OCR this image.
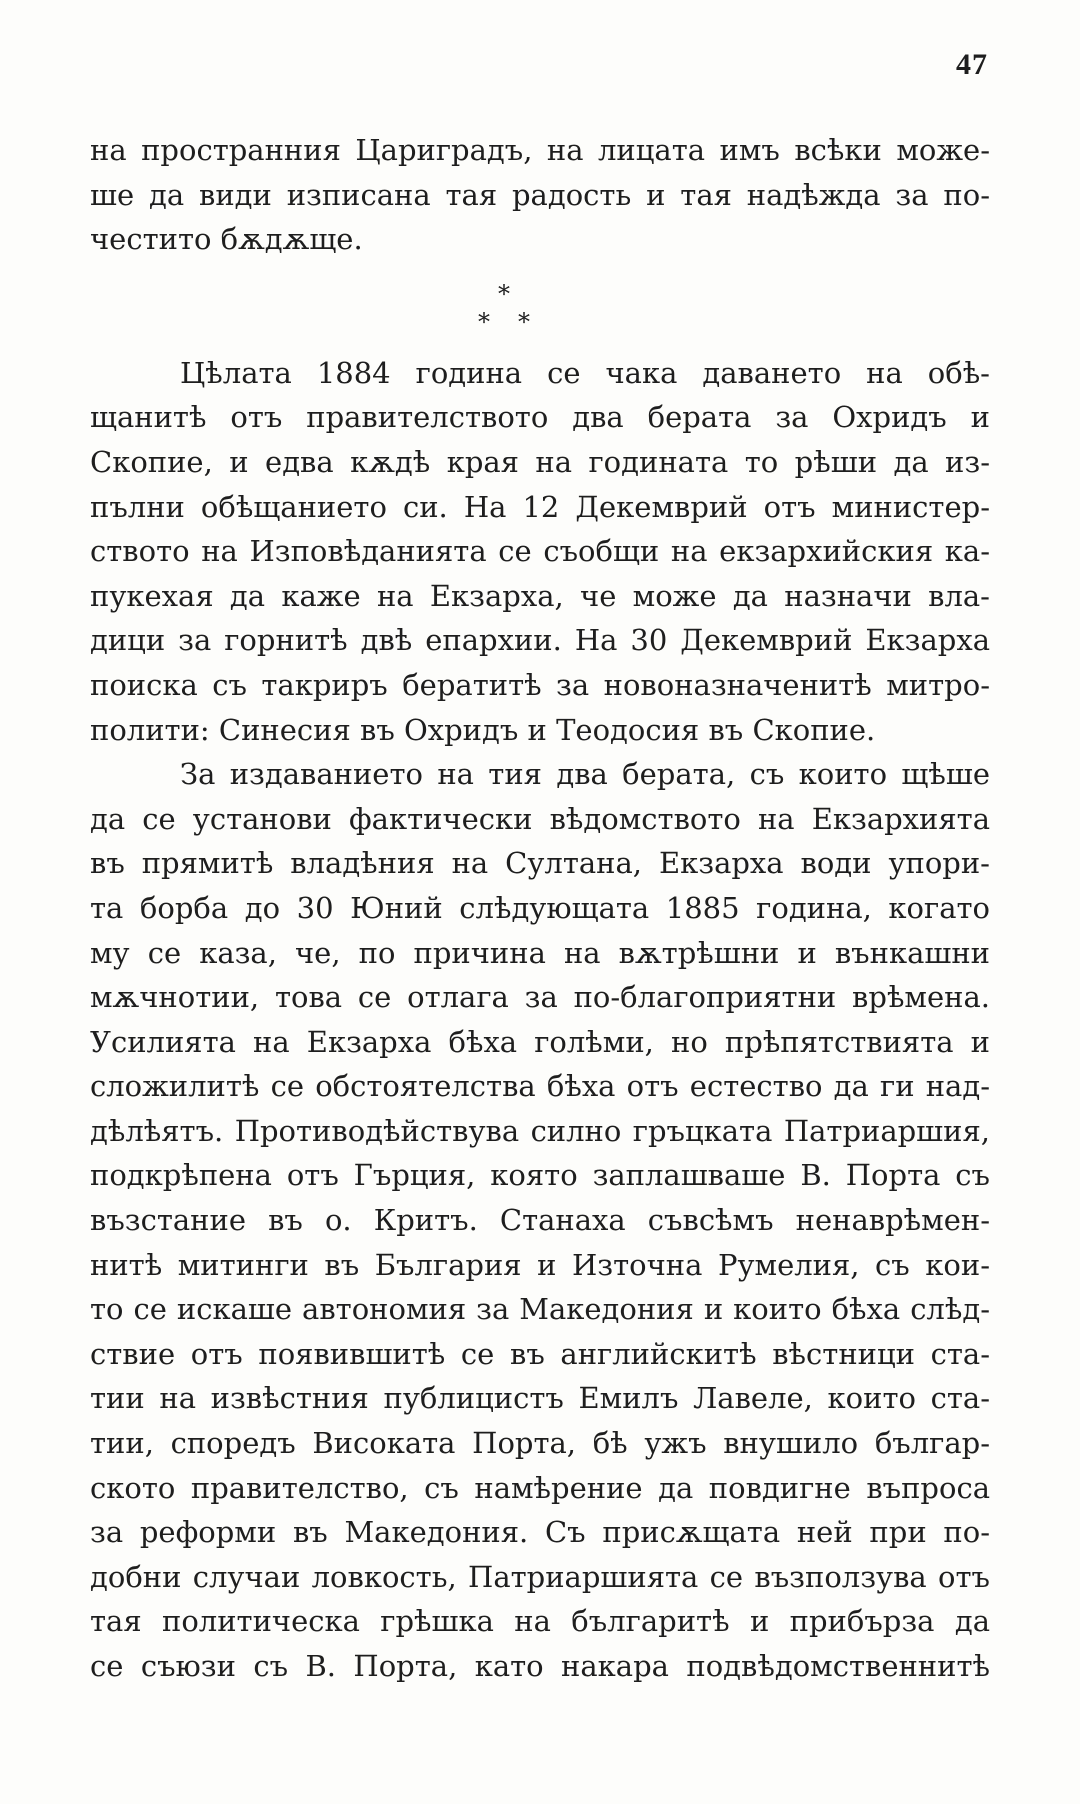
47
на пространния Цариградъ, на лицата имъ всѣки може-
ше да види изписана тая радость и тая надѣжда за по-
честито бѫдѫще.
*
* *
Цѣлата 1884 година се чака даването на обѣ-
щанитѣ отъ правителството два берата за Охридъ и
Скопие, и едва кѫдѣ края на годината то рѣши да из-
пълни обѣщанието си. На 12 Декемврий отъ министер-
ството на Изповѣданията се съобщи на екзархийския ка-
пукехая да каже на Екзарха, че може да назначи вла-
дици за горнитѣ двѣ епархии. На 30 Декемврий Екзарха
поиска съ такриръ бератитѣ за новоназначенитѣ митро-
полити: Синесия въ Охридъ и Теодосия въ Скопие.
За издаванието на тия два берата, съ които щѣше
да се установи фактически вѣдомството на Екзархията
въ прямитѣ владѣния на Султана, Екзарха води упори-
та борба до 30 Юний слѣдующата 1885 година, когато
му се каза, че, по причина на вѫтрѣшни и вънкашни
мѫчнотии, това се отлага за по-благоприятни врѣмена.
Усилията на Екзарха бѣха голѣми, но прѣпятствията и
сложилитѣ се обстоятелства бѣха отъ естество да ги над-
дѣлѣятъ. Противодѣйствува силно гръцката Патриаршия,
подкрѣпена отъ Гърция, която заплашваше В. Порта съ
възстание въ о. Критъ. Станаха съвсѣмъ ненаврѣмен-
нитѣ митинги въ България и Източна Румелия, съ кои-
то се искаше автономия за Македония и които бѣха слѣд-
ствие отъ появившитѣ се въ английскитѣ вѣстници ста-
тии на извѣстния публицистъ Емилъ Лавеле, които ста-
тии, споредъ Високата Порта, бѣ ужъ внушило българ-
ското правителство, съ намѣрение да повдигне въпроса
за реформи въ Македония. Съ присѫщата ней при по-
добни случаи ловкость, Патриаршията се възползува отъ
тая политическа грѣшка на българитѣ и прибърза да
се съюзи съ В. Порта, като накара подвѣдомственнитѣ
